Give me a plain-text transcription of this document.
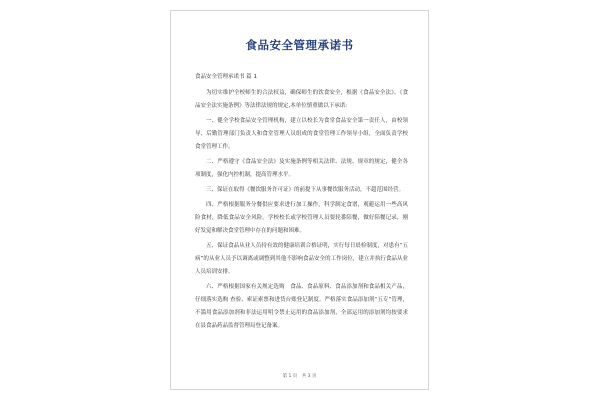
食品安全管理承诺书
食品安全管理承诺书 篇 1

为切实维护全校师生的合法权益，确保师生的饮食安全，根据《食品安全法》、《食品安全法实施条例》等法律法规的规定,本单位慎重做以下承诺:

一、健全学校食品安全管理机构，建立以校长为食堂食品安全第一责任人，由校领导、后勤管理部门负责人和食堂管理人员组成的食堂管理工作领导小组，全面负责学校食堂管理工作。

二、严格遵守《食品安全法》及实施条例等相关法律、法规、规章的规定，健全各项制度，强化内控机制，提高管理水平。

三、保证在取得《餐饮服务许可证》的前提下从事餐饮服务活动，不超范围经营。

四、严格根据服务分餐供应要求进行加工操作，科学制定食谱，观避运用一些高风险食材，降低食品安全风险。学校校长或学校管理人员要轮番陪餐，做好陪餐记录，刚好发觉和解决食堂管理中存在的问题和困难。

五、保证食品从业人员持有效的健康培训合格证明，实行每日晨检制度，对患有“五病”的从业人员予以调离或调整到其他不影响食品安全的工作岗位，建立并执行食品从业人员培训安排。

六、严格根据国家有关规定选购　食品、食品原料、食品添加剂和食品相关产品，仔细落实选购 查验、索证索票和进货台账登记制度。严格落实食品添加剂“五专”管理，不滥用食品添加剂和非法运用明令禁止运用的食品添加剂，全部运用的添加剂均按要求在县食品药品监督管理局登记备案。

第 1 页　共 3 页
